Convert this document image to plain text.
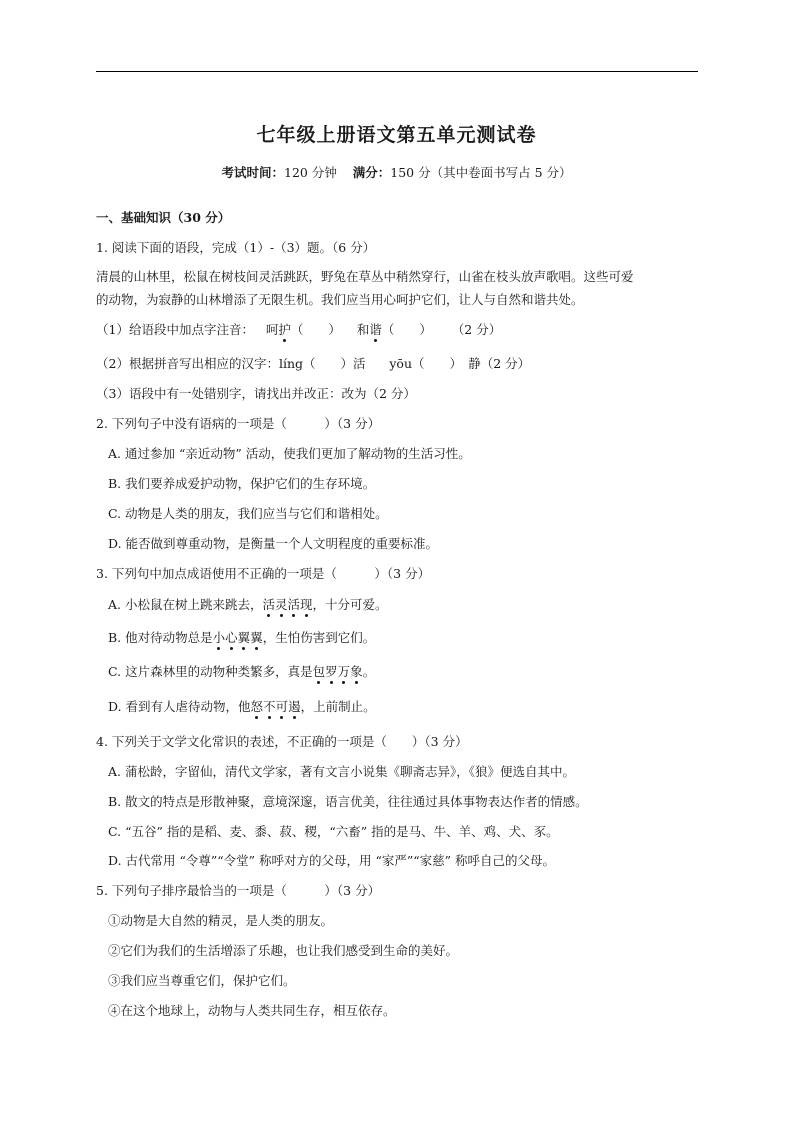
七年级上册语文第五单元测试卷
考试时间：120 分钟 满分：150 分（其中卷面书写占 5 分）
一、基础知识（30 分）
1. 阅读下面的语段，完成（1）-（3）题。（6 分）
清晨的山林里，松鼠在树枝间灵活跳跃，野兔在草丛中稍然穿行，山雀在枝头放声歌唱。这些可爱
的动物，为寂静的山林增添了无限生机。我们应当用心呵护它们，让人与自然和谐共处。
（1）给语段中加点字注音： 呵护（　　） 和谐（　　） （2 分）
（2）根据拼音写出相应的汉字：líng（　　）活 yōu（　　）　静（2 分）
（3）语段中有一处错别字，请找出并改正：改为（2 分）
2. 下列句子中没有语病的一项是（　　　）（3 分）
A. 通过参加 “亲近动物” 活动，使我们更加了解动物的生活习性。
B. 我们要养成爱护动物，保护它们的生存环境。
C. 动物是人类的朋友，我们应当与它们和谐相处。
D. 能否做到尊重动物，是衡量一个人文明程度的重要标准。
3. 下列句中加点成语使用不正确的一项是（　　　）（3 分）
A. 小松鼠在树上跳来跳去，活灵活现，十分可爱。
B. 他对待动物总是小心翼翼，生怕伤害到它们。
C. 这片森林里的动物种类繁多，真是包罗万象。
D. 看到有人虐待动物，他怒不可遏，上前制止。
4. 下列关于文学文化常识的表述，不正确的一项是（　　）（3 分）
A. 蒲松龄，字留仙，清代文学家，著有文言小说集《聊斋志异》，《狼》便选自其中。
B. 散文的特点是形散神聚，意境深邃，语言优美，往往通过具体事物表达作者的情感。
C. “五谷” 指的是稻、麦、黍、菽、稷，“六畜” 指的是马、牛、羊、鸡、犬、豕。
D. 古代常用 “令尊”“令堂” 称呼对方的父母，用 “家严”“家慈” 称呼自己的父母。
5. 下列句子排序最恰当的一项是（　　　）（3 分）
①动物是大自然的精灵，是人类的朋友。
②它们为我们的生活增添了乐趣，也让我们感受到生命的美好。
③我们应当尊重它们，保护它们。
④在这个地球上，动物与人类共同生存，相互依存。
